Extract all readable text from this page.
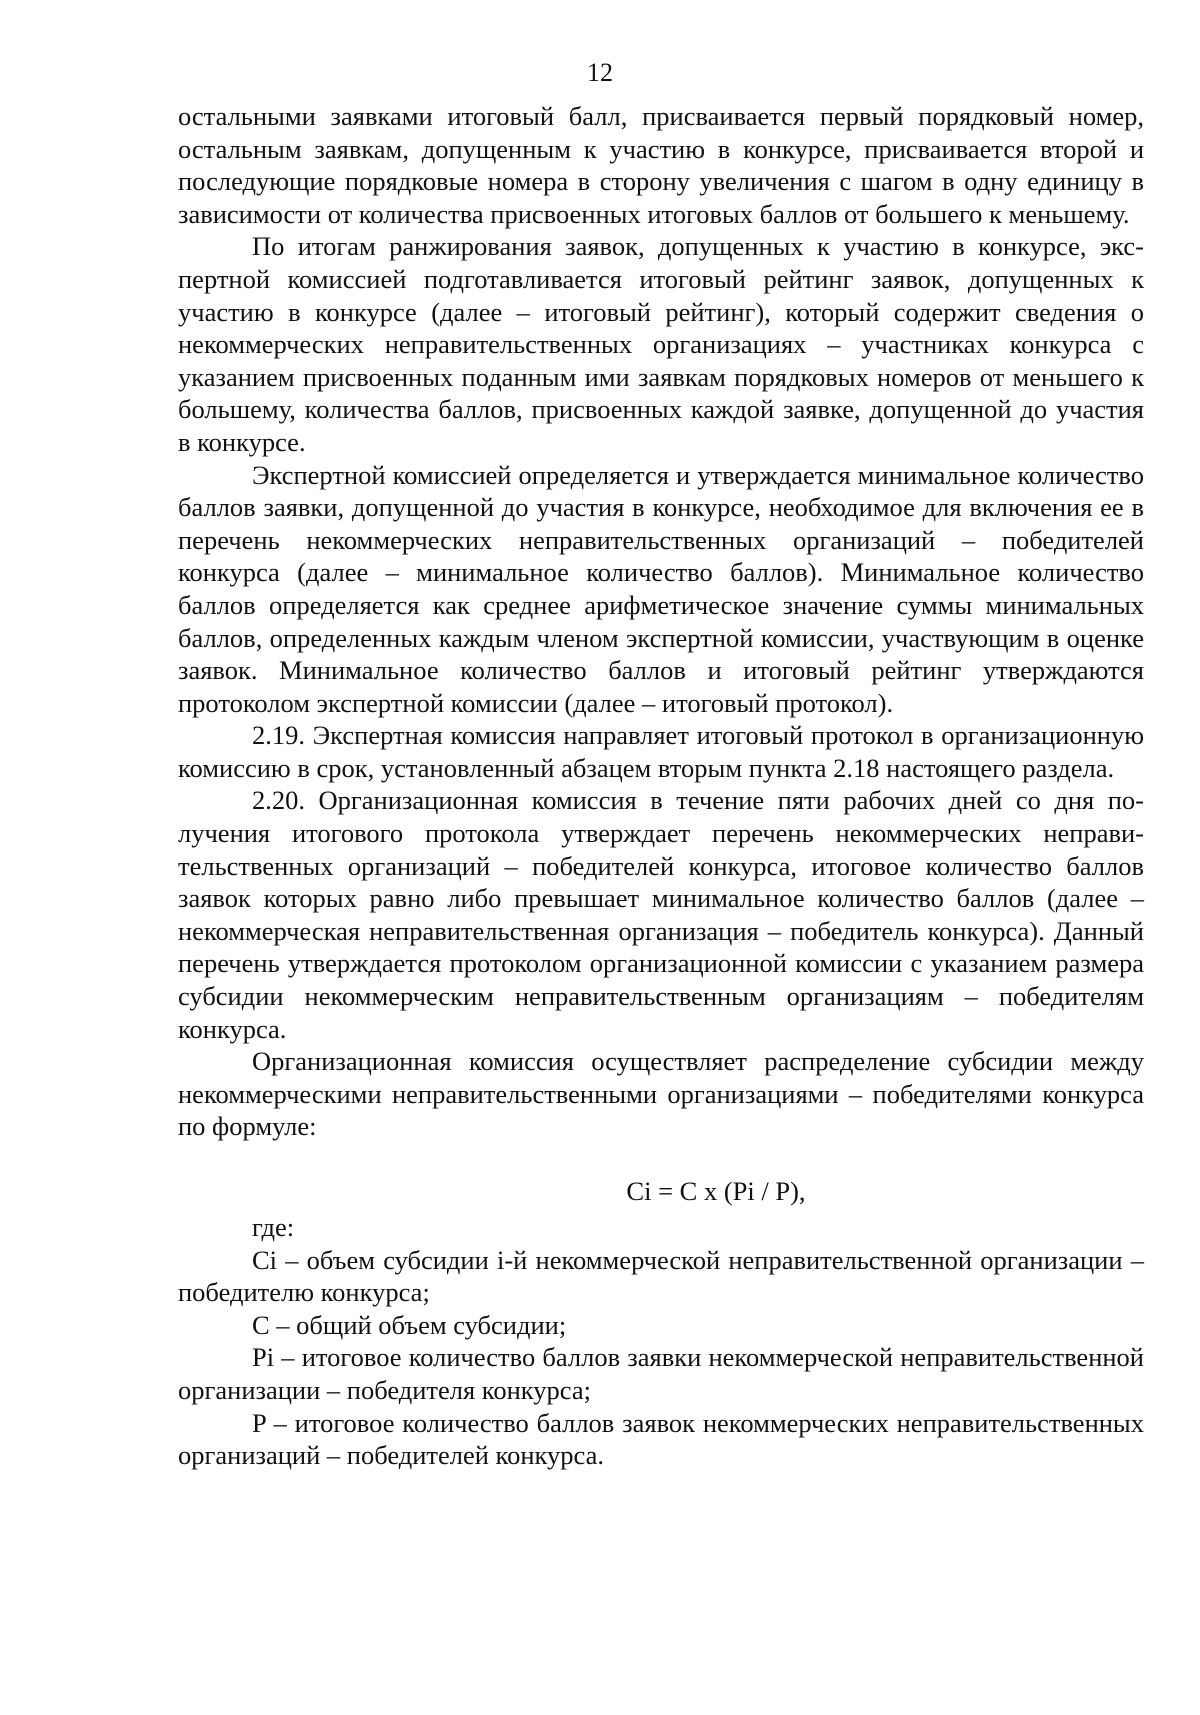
12

остальными заявками итоговый балл, присваивается первый порядковый номер, остальным заявкам, допущенным к участию в конкурсе, присваивается второй и последующие порядковые номера в сторону увеличения с шагом в одну единицу в зависимости от количества присвоенных итоговых баллов от большего к меньшему.

По итогам ранжирования заявок, допущенных к участию в конкурсе, экспертной комиссией подготавливается итоговый рейтинг заявок, допущенных к участию в конкурсе (далее – итоговый рейтинг), который содержит сведения о некоммерческих неправительственных организациях – участниках конкурса с указанием присвоенных поданным ими заявкам порядковых номеров от меньшего к большему, количества баллов, присвоенных каждой заявке, допущенной до участия в конкурсе.

Экспертной комиссией определяется и утверждается минимальное количество баллов заявки, допущенной до участия в конкурсе, необходимое для включения ее в перечень некоммерческих неправительственных организаций – победителей конкурса (далее – минимальное количество баллов). Минимальное количество баллов определяется как среднее арифметическое значение суммы минимальных баллов, определенных каждым членом экспертной комиссии, участвующим в оценке заявок. Минимальное количество баллов и итоговый рейтинг утверждаются протоколом экспертной комиссии (далее – итоговый протокол).

2.19. Экспертная комиссия направляет итоговый протокол в организационную комиссию в срок, установленный абзацем вторым пункта 2.18 настоящего раздела.

2.20. Организационная комиссия в течение пяти рабочих дней со дня получения итогового протокола утверждает перечень некоммерческих неправительственных организаций – победителей конкурса, итоговое количество баллов заявок которых равно либо превышает минимальное количество баллов (далее – некоммерческая неправительственная организация – победитель конкурса). Данный перечень утверждается протоколом организационной комиссии с указанием размера субсидии некоммерческим неправительственным организациям – победителям конкурса.

Организационная комиссия осуществляет распределение субсидии между некоммерческими неправительственными организациями – победителями конкурса по формуле:

Ci = C x (Pi / P),

где:

Ci – объем субсидии i-й некоммерческой неправительственной организации – победителю конкурса;

C – общий объем субсидии;

Pi – итоговое количество баллов заявки некоммерческой неправительственной организации – победителя конкурса;

P – итоговое количество баллов заявок некоммерческих неправительственных организаций – победителей конкурса.
